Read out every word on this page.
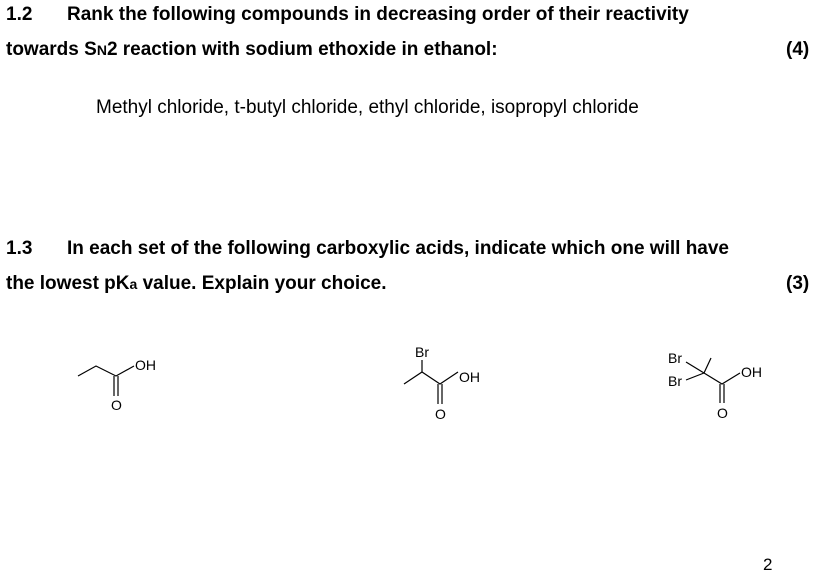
1.2 Rank the following compounds in decreasing order of their reactivity
towards SN2 reaction with sodium ethoxide in ethanol:	(4)
Methyl chloride, t-butyl chloride, ethyl chloride, isopropyl chloride
1.3 In each set of the following carboxylic acids, indicate which one will have
the lowest pKa value. Explain your choice.	(3)
OH
O
Br
OH
O
Br
Br
OH
O
2
